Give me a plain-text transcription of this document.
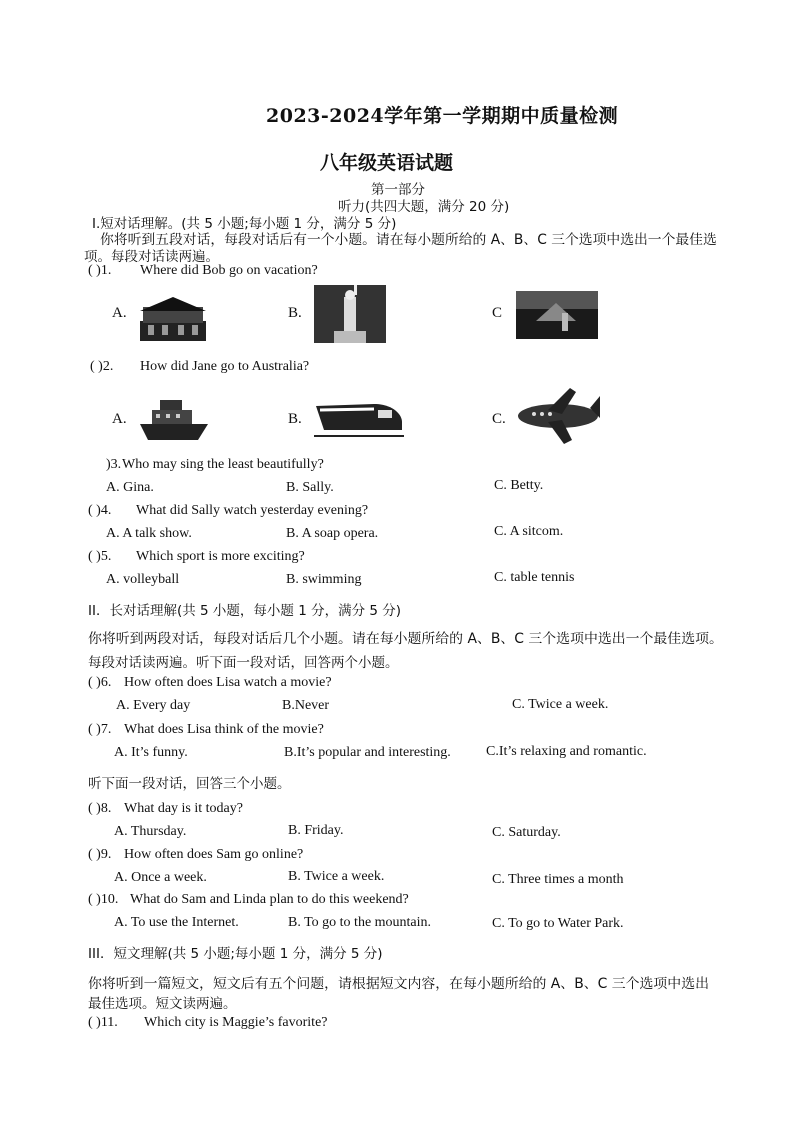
2023-2024学年第一学期期中质量检测
八年级英语试题
第一部分
听力(共四大题，满分 20 分)
I.短对话理解。(共 5 小题;每小题 1 分，满分 5 分)
你将听到五段对话，每段对话后有一个小题。请在每小题所给的 A、B、C 三个选项中选出一个最佳选
项。每段对话读两遍。
( )1. Where did Bob go on vacation?
A.	B.	C
( )2. How did Jane go to Australia?
A.	B.	C.
)3. Who may sing the least beautifully?
A. Gina.	B. Sally.	C. Betty.
( )4. What did Sally watch yesterday evening?
A. A talk show.	B. A soap opera.	C. A sitcom.
( )5. Which sport is more exciting?
A. volleyball	B. swimming	C. table tennis
II．长对话理解(共 5 小题，每小题 1 分，满分 5 分)
你将听到两段对话，每段对话后几个小题。请在每小题所给的 A、B、C 三个选项中选出一个最佳选项。
每段对话读两遍。听下面一段对话，回答两个小题。
( )6. How often does Lisa watch a movie?
A. Every day	B.Never	C. Twice a week.
( )7. What does Lisa think of the movie?
A. It’s funny.	B.It’s popular and interesting.	C.It’s relaxing and romantic.
听下面一段对话，回答三个小题。
( )8. What day is it today?
A. Thursday.	B. Friday.	C. Saturday.
( )9. How often does Sam go online?
A. Once a week.	B. Twice a week.	C. Three times a month
( )10. What do Sam and Linda plan to do this weekend?
A. To use the Internet.	B. To go to the mountain.	C. To go to Water Park.
III．短文理解(共 5 小题;每小题 1 分，满分 5 分)
你将听到一篇短文，短文后有五个问题，请根据短文内容，在每小题所给的 A、B、C 三个选项中选出
最佳选项。短文读两遍。
( )11. Which city is Maggie’s favorite?
